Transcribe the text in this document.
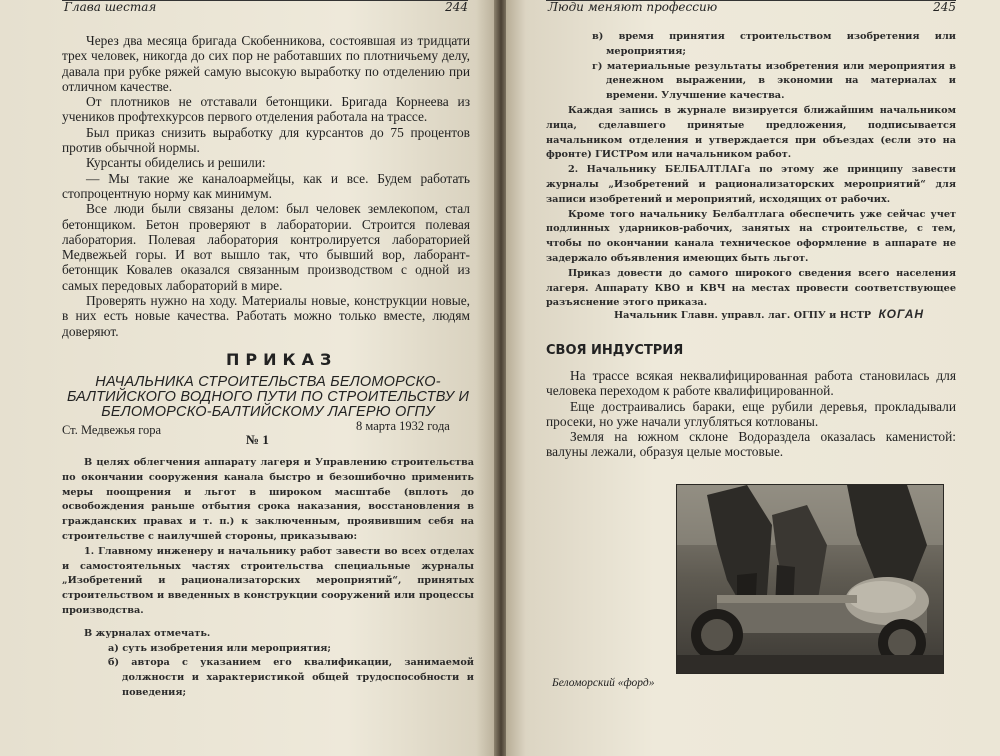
Глава шестая	244

Через два месяца бригада Скобенникова, состоявшая из тридцати трех человек, никогда до сих пор не работавших по плотничьему делу, давала при рубке ряжей самую высокую выработку по отделению при отличном качестве.

От плотников не отставали бетонщики. Бригада Корнеева из учеников профтехкурсов первого отделения работала на трассе.

Был приказ снизить выработку для курсантов до 75 процентов против обычной нормы.

Курсанты обиделись и решили:

— Мы такие же каналоармейцы, как и все. Будем работать стопроцентную норму как минимум.

Все люди были связаны делом: был человек землекопом, стал бетонщиком. Бетон проверяют в лаборатории. Строится полевая лаборатория. Полевая лаборатория контролируется лабораторией Медвежьей горы. И вот вышло так, что бывший вор, лаборант-бетонщик Ковалев оказался связанным производством с одной из самых передовых лабораторий в мире.

Проверять нужно на ходу. Материалы новые, конструкции новые, в них есть новые качества. Работать можно только вместе, людям доверяют.

ПРИКАЗ
НАЧАЛЬНИКА СТРОИТЕЛЬСТВА БЕЛОМОРСКО-БАЛТИЙСКОГО ВОДНОГО ПУТИ ПО СТРОИТЕЛЬСТВУ И БЕЛОМОРСКО-БАЛТИЙСКОМУ ЛАГЕРЮ ОГПУ
Ст. Медвежья гора	8 марта 1932 года
№ 1

В целях облегчения аппарату лагеря и Управлению строительства по окончании сооружения канала быстро и безошибочно применить меры поощрения и льгот в широком масштабе (вплоть до освобождения раньше отбытия срока наказания, восстановления в гражданских правах и т. п.) к заключенным, проявившим себя на строительстве с наилучшей стороны, приказываю:

1. Главному инженеру и начальнику работ завести во всех отделах и самостоятельных частях строительства специальные журналы „Изобретений и рационализаторских мероприятий“, принятых строительством и введенных в конструкции сооружений или процессы производства.

В журналах отмечать.

а) суть изобретения или мероприятия;

б) автора с указанием его квалификации, занимаемой должности и характеристикой общей трудоспособности и поведения;

Люди меняют профессию	245

в) время принятия строительством изобретения или мероприятия;

г) материальные результаты изобретения или мероприятия в денежном выражении, в экономии на материалах и времени. Улучшение качества.

Каждая запись в журнале визируется ближайшим начальником лица, сделавшего принятые предложения, подписывается начальником отделения и утверждается при объездах (если это на фронте) ГИСТРом или начальником работ.

2. Начальнику БЕЛБАЛТЛАГа по этому же принципу завести журналы „Изобретений и рационализаторских мероприятий“ для записи изобретений и мероприятий, исходящих от рабочих.

Кроме того начальнику Белбалтлага обеспечить уже сейчас учет подлинных ударников-рабочих, занятых на строительстве, с тем, чтобы по окончании канала техническое оформление в аппарате не задержало объявления имеющих быть льгот.

Приказ довести до самого широкого сведения всего населения лагеря. Аппарату КВО и КВЧ на местах провести соответствующее разъяснение этого приказа.

Начальник Главн. управл. лаг. ОГПУ и НСТР КОГАН
СВОЯ ИНДУСТРИЯ

На трассе всякая неквалифицированная работа становилась для человека переходом к работе квалифицированной.

Еще достраивались бараки, еще рубили деревья, прокладывали просеки, но уже начали углубляться котлованы.

Земля на южном склоне Водораздела оказалась каменистой: валуны лежали, образуя целые мостовые.

Беломорский «форд»
